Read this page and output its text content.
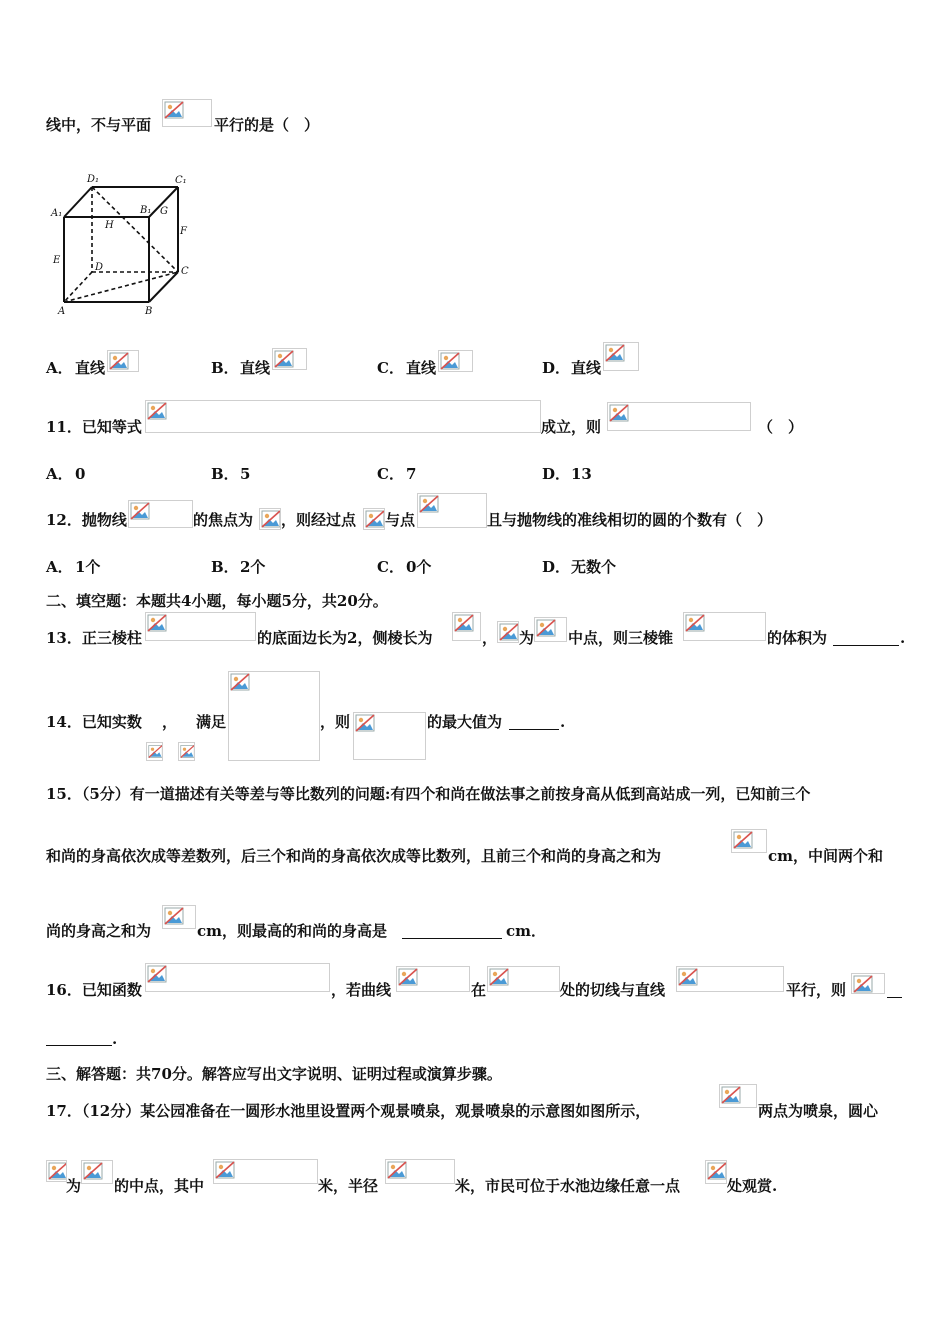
线中，不与平面	平行的是（　）
D₁	C₁
A₁	B₁ G
H
F
E
D	C
A	B
A． 直线	B． 直线	C． 直线	D． 直线
11．已知等式	成立，则	（　）
A． 0	B． 5	C． 7	D． 13
12．抛物线	的焦点为 ，则经过点 与点	且与抛物线的准线相切的圆的个数有（　）
A． 1个	B． 2个	C． 0个	D． 无数个
二、填空题：本题共4小题，每小题5分，共20分。
13．正三棱柱	的底面边长为2，侧棱长为	， 为 中点，则三棱锥	的体积为	.
14．已知实数 ， 满足	，则	的最大值为	.
15．（5分）有一道描述有关等差与等比数列的问题:有四个和尚在做法事之前按身高从低到高站成一列，已知前三个
和尚的身高依次成等差数列，后三个和尚的身高依次成等比数列，且前三个和尚的身高之和为	cm，中间两个和
尚的身高之和为	cm，则最高的和尚的身高是	cm．
16．已知函数	，若曲线	在	处的切线与直线	平行，则
.
三、解答题：共70分。解答应写出文字说明、证明过程或演算步骤。
17．（12分）某公园准备在一圆形水池里设置两个观景喷泉，观景喷泉的示意图如图所示，	两点为喷泉，圆心
为 的中点，其中	米，半径	米，市民可位于水池边缘任意一点	处观赏.
